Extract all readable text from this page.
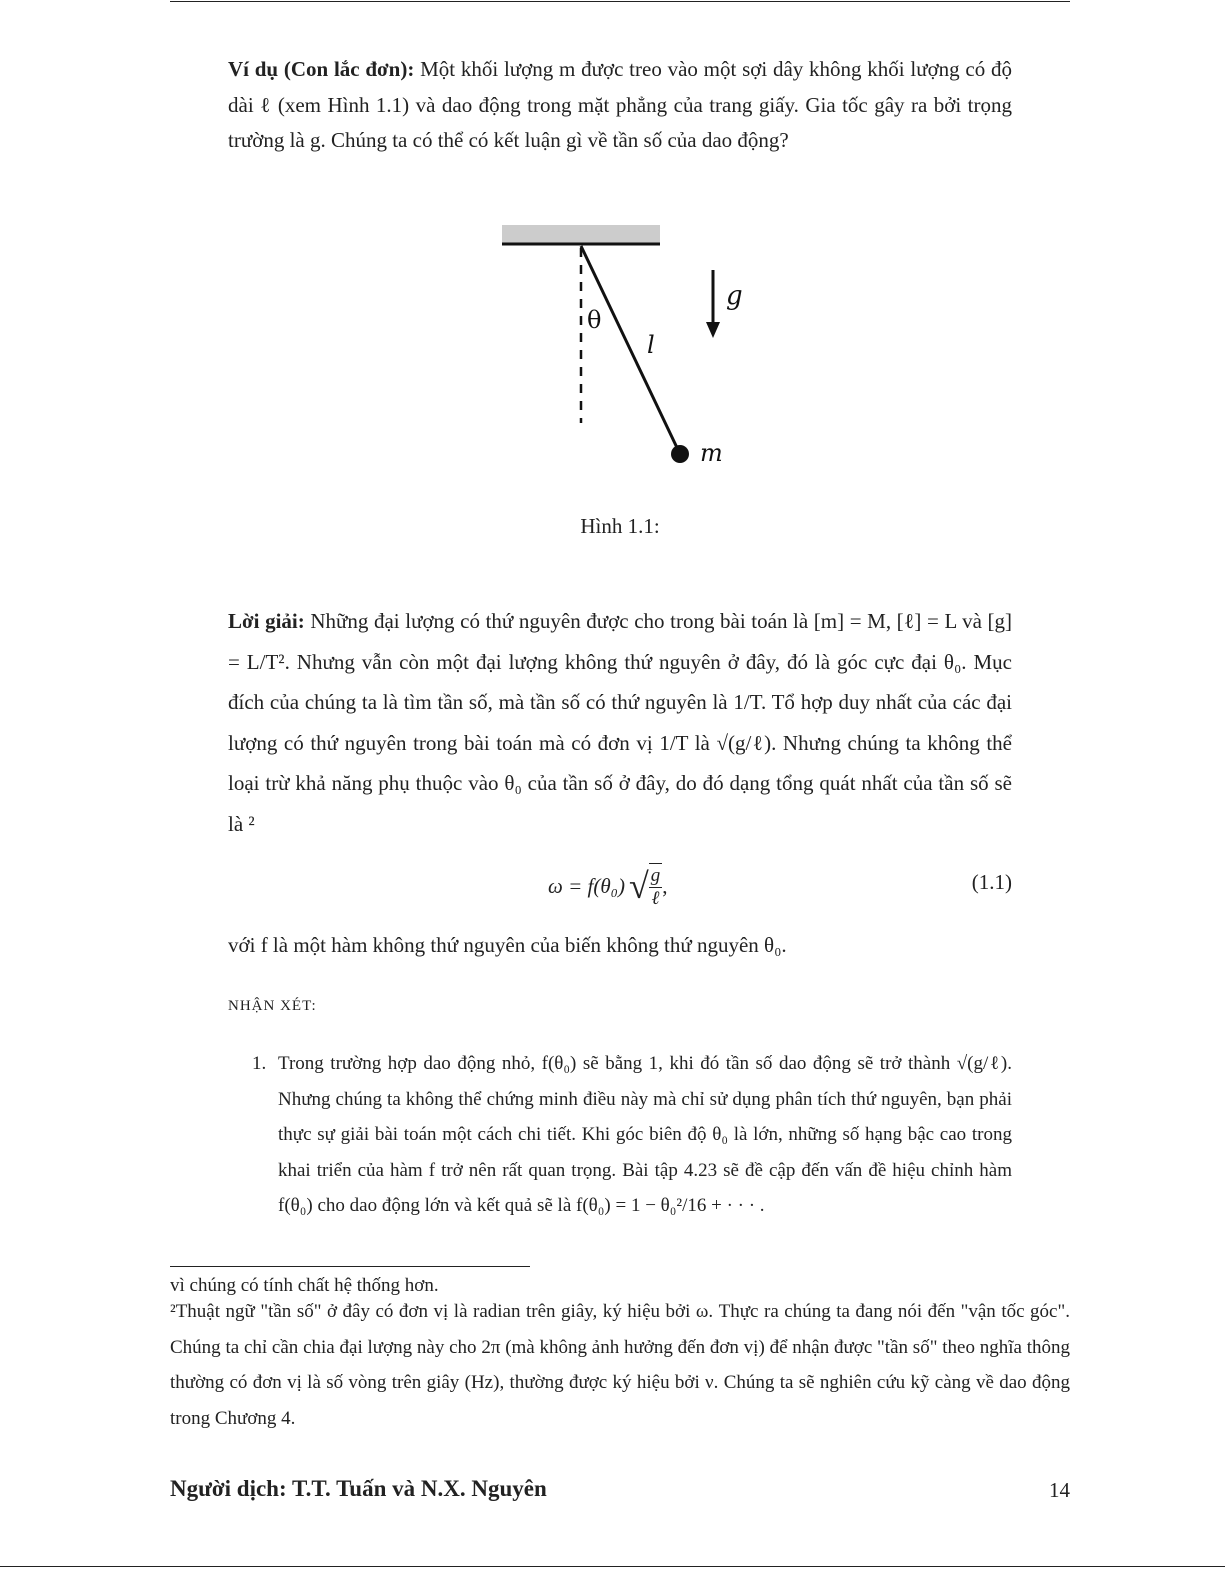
Ví dụ (Con lắc đơn): Một khối lượng m được treo vào một sợi dây không khối lượng có độ dài ℓ (xem Hình 1.1) và dao động trong mặt phẳng của trang giấy. Gia tốc gây ra bởi trọng trường là g. Chúng ta có thể có kết luận gì về tần số của dao động?
θ
l
g
m
Hình 1.1:
Lời giải: Những đại lượng có thứ nguyên được cho trong bài toán là [m] = M, [ℓ] = L và [g] = L/T². Nhưng vẫn còn một đại lượng không thứ nguyên ở đây, đó là góc cực đại θ₀. Mục đích của chúng ta là tìm tần số, mà tần số có thứ nguyên là 1/T. Tổ hợp duy nhất của các đại lượng có thứ nguyên trong bài toán mà có đơn vị 1/T là √(g/ℓ). Nhưng chúng ta không thể loại trừ khả năng phụ thuộc vào θ₀ của tần số ở đây, do đó dạng tổng quát nhất của tần số sẽ là ²
ω = f(θ₀) √ $\frac{g}{\text{ℓ}}$ ,	(1.1)
với f là một hàm không thứ nguyên của biến không thứ nguyên θ₀.
NHẬN XÉT:
1. Trong trường hợp dao động nhỏ, f(θ₀) sẽ bằng 1, khi đó tần số dao động sẽ trở thành √(g/ℓ). Nhưng chúng ta không thể chứng minh điều này mà chỉ sử dụng phân tích thứ nguyên, bạn phải thực sự giải bài toán một cách chi tiết. Khi góc biên độ θ₀ là lớn, những số hạng bậc cao trong khai triển của hàm f trở nên rất quan trọng. Bài tập 4.23 sẽ đề cập đến vấn đề hiệu chỉnh hàm f(θ₀) cho dao động lớn và kết quả sẽ là f(θ₀) = 1 − θ₀²/16 + · · · .
vì chúng có tính chất hệ thống hơn.
²Thuật ngữ "tần số" ở đây có đơn vị là radian trên giây, ký hiệu bởi ω. Thực ra chúng ta đang nói đến "vận tốc góc". Chúng ta chỉ cần chia đại lượng này cho 2π (mà không ảnh hưởng đến đơn vị) để nhận được "tần số" theo nghĩa thông thường có đơn vị là số vòng trên giây (Hz), thường được ký hiệu bởi ν. Chúng ta sẽ nghiên cứu kỹ càng về dao động trong Chương 4.
Người dịch: T.T. Tuấn và N.X. Nguyên	14
